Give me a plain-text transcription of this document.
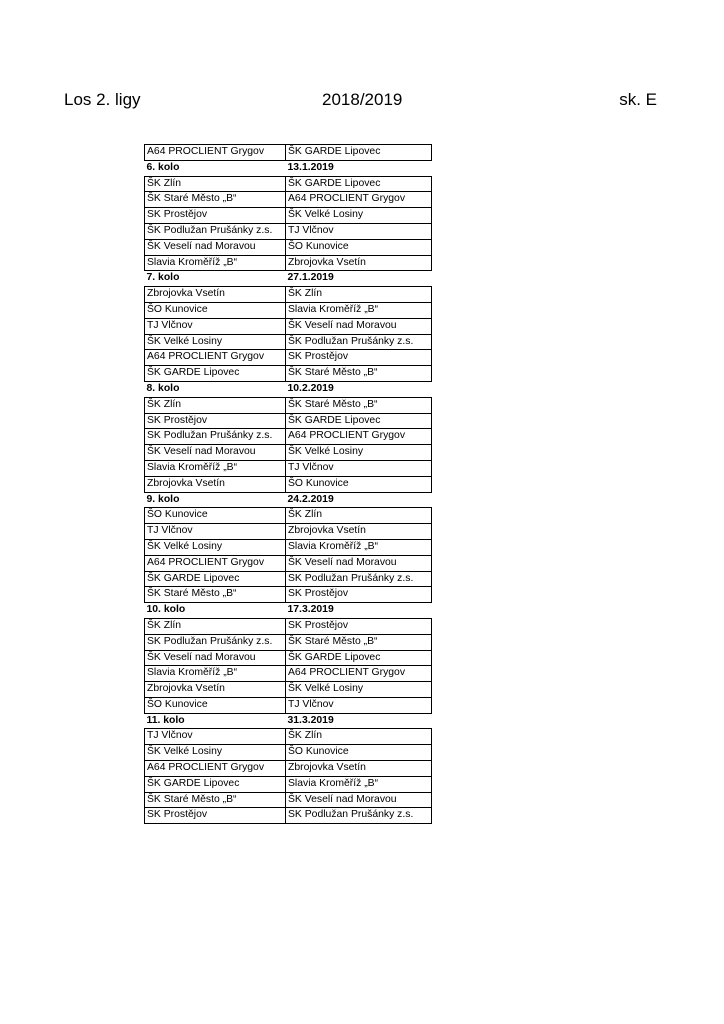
Los 2. ligy	2018/2019	sk. E
A64 PROCLIENT Grygov	ŠK GARDE Lipovec
6. kolo	13.1.2019
ŠK Zlín	ŠK GARDE Lipovec
ŠK Staré Město „B“	A64 PROCLIENT Grygov
SK Prostějov	ŠK Velké Losiny
ŠK Podlužan Prušánky z.s.	TJ Vlčnov
ŠK Veselí nad Moravou	ŠO Kunovice
Slavia Kroměříž „B“	Zbrojovka Vsetín
7. kolo	27.1.2019
Zbrojovka Vsetín	ŠK Zlín
ŠO Kunovice	Slavia Kroměříž „B“
TJ Vlčnov	ŠK Veselí nad Moravou
ŠK Velké Losiny	ŠK Podlužan Prušánky z.s.
A64 PROCLIENT Grygov	SK Prostějov
ŠK GARDE Lipovec	ŠK Staré Město „B“
8. kolo	10.2.2019
ŠK Zlín	ŠK Staré Město „B“
SK Prostějov	ŠK GARDE Lipovec
SK Podlužan Prušánky z.s.	A64 PROCLIENT Grygov
ŠK Veselí nad Moravou	ŠK Velké Losiny
Slavia Kroměříž „B“	TJ Vlčnov
Zbrojovka Vsetín	ŠO Kunovice
9. kolo	24.2.2019
ŠO Kunovice	ŠK Zlín
TJ Vlčnov	Zbrojovka Vsetín
ŠK Velké Losiny	Slavia Kroměříž „B“
A64 PROCLIENT Grygov	ŠK Veselí nad Moravou
ŠK GARDE Lipovec	SK Podlužan Prušánky z.s.
ŠK Staré Město „B“	SK Prostějov
10. kolo	17.3.2019
ŠK Zlín	SK Prostějov
SK Podlužan Prušánky z.s.	ŠK Staré Město „B“
ŠK Veselí nad Moravou	ŠK GARDE Lipovec
Slavia Kroměříž „B“	A64 PROCLIENT Grygov
Zbrojovka Vsetín	ŠK Velké Losiny
ŠO Kunovice	TJ Vlčnov
11. kolo	31.3.2019
TJ Vlčnov	ŠK Zlín
ŠK Velké Losiny	ŠO Kunovice
A64 PROCLIENT Grygov	Zbrojovka Vsetín
ŠK GARDE Lipovec	Slavia Kroměříž „B“
ŠK Staré Město „B“	ŠK Veselí nad Moravou
SK Prostějov	SK Podlužan Prušánky z.s.
